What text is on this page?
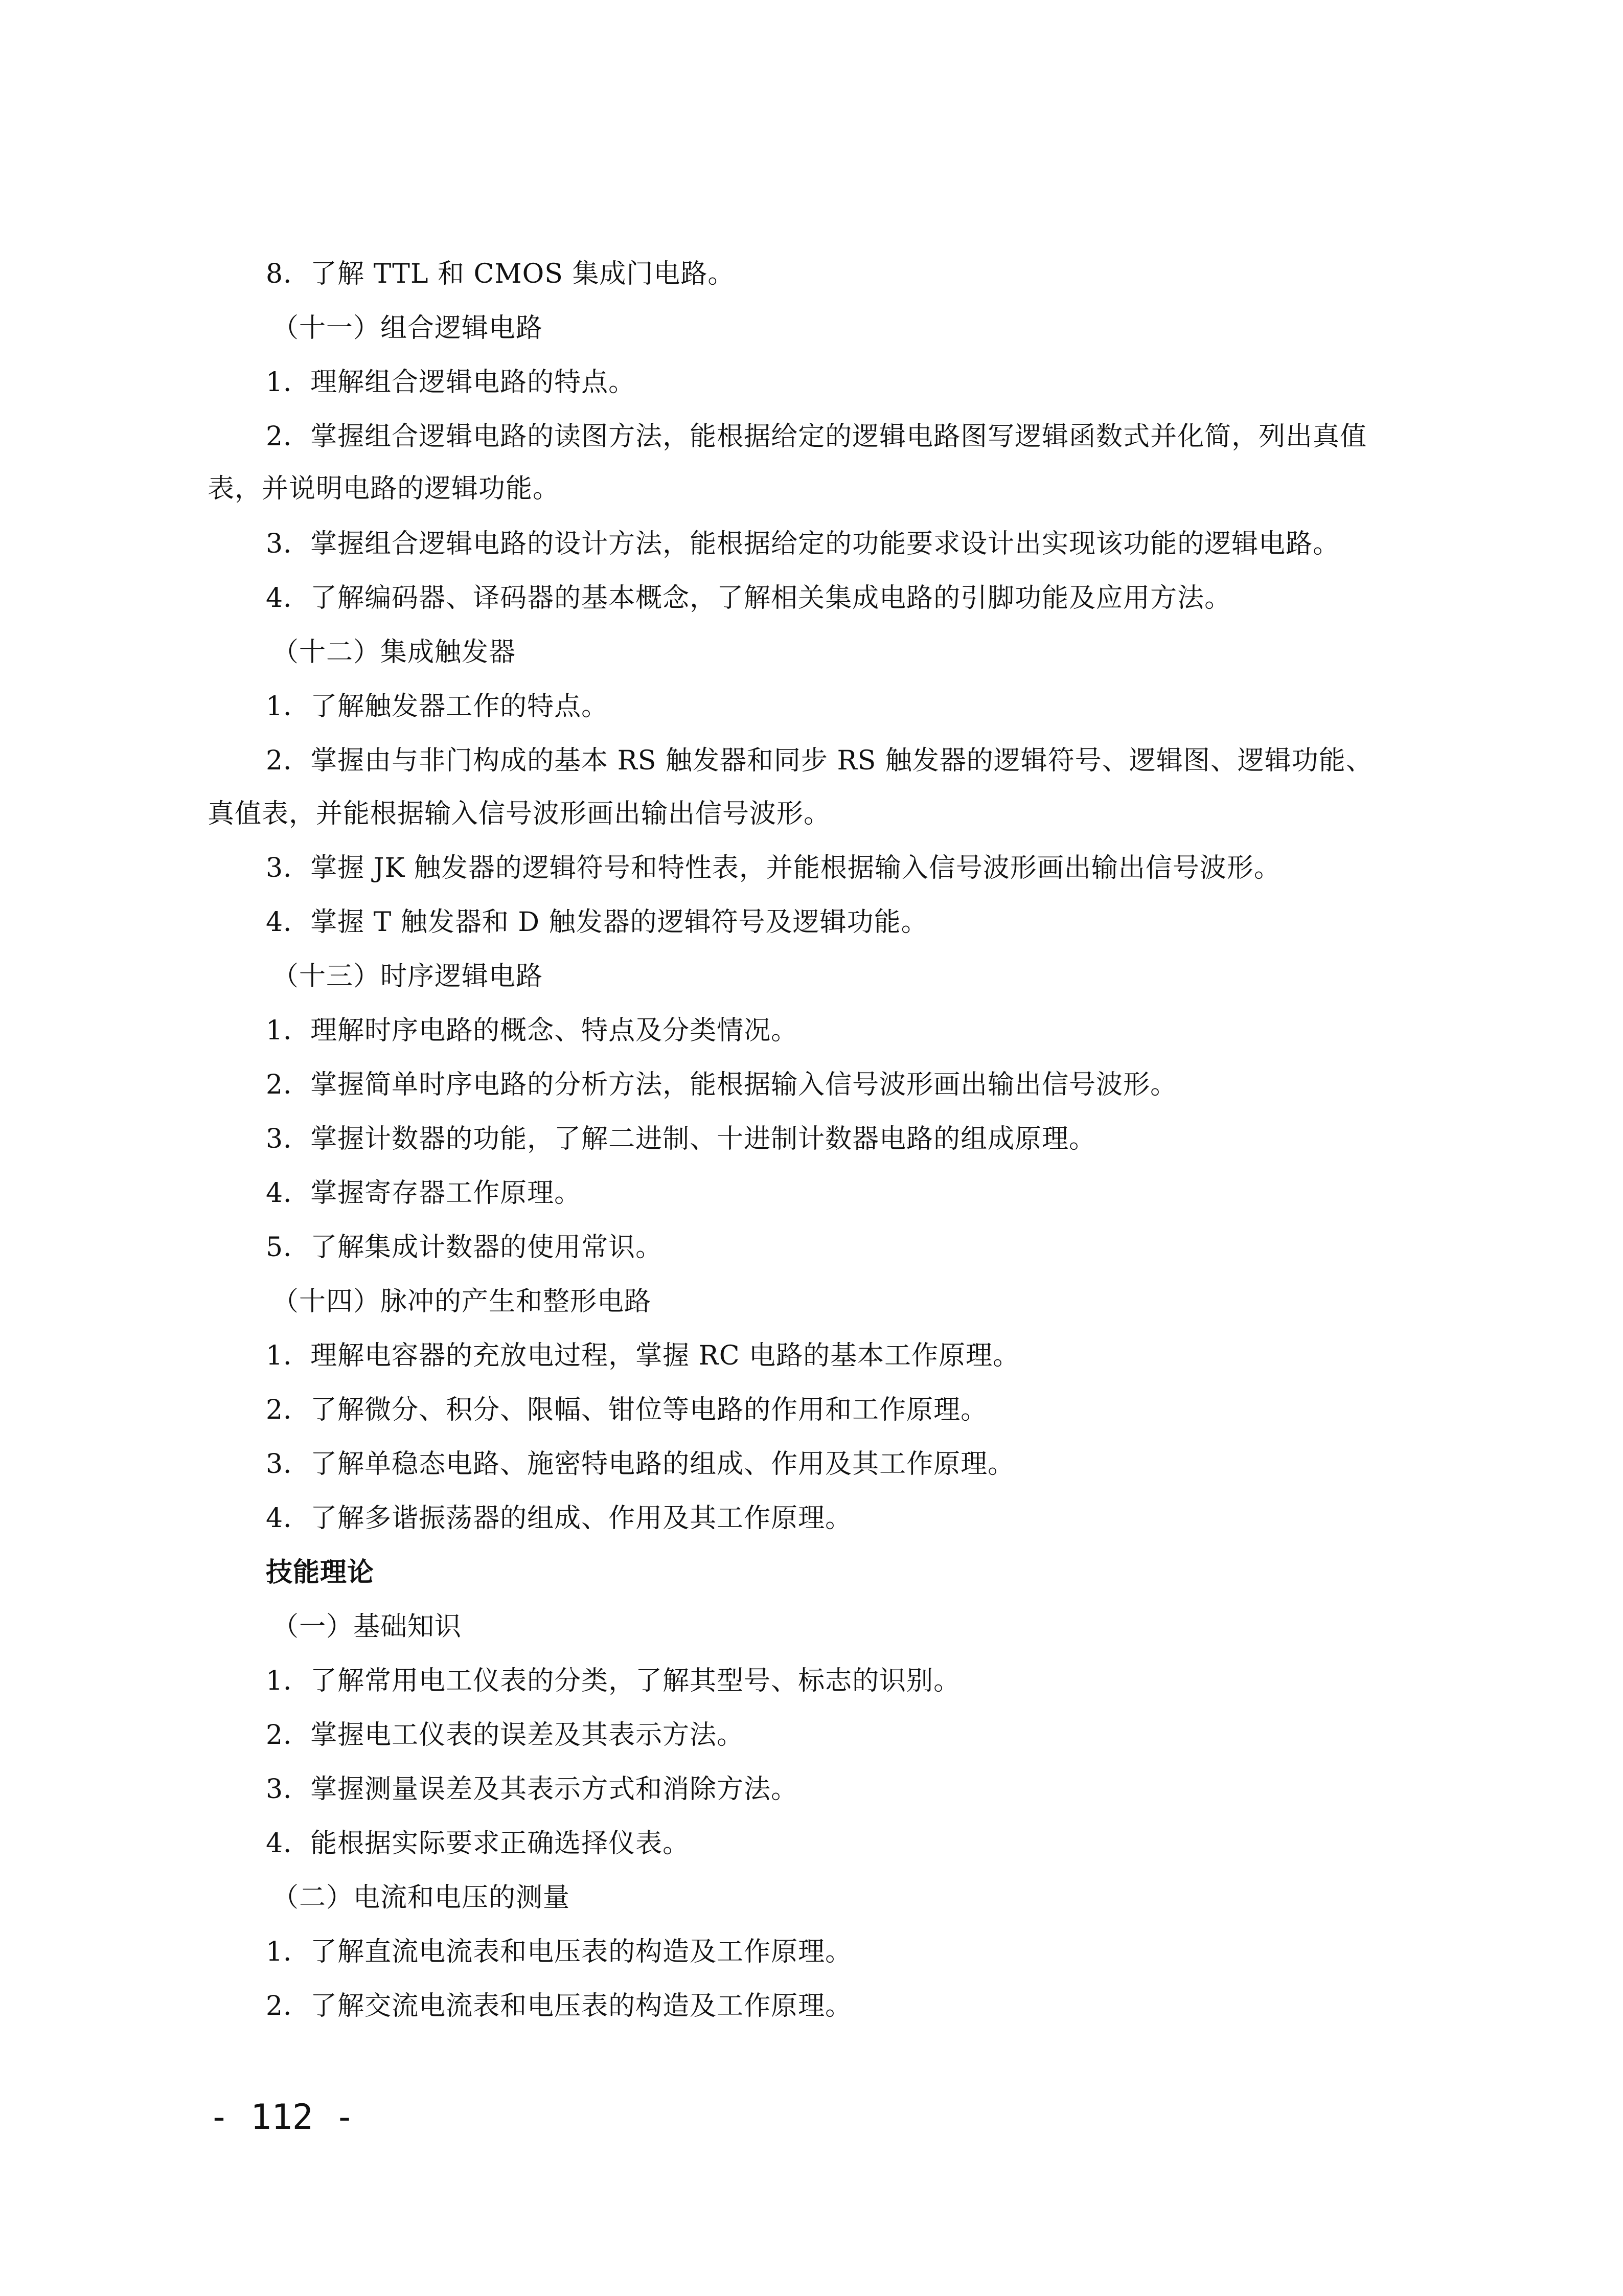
8．了解 TTL 和 CMOS 集成门电路。
（十一）组合逻辑电路
1．理解组合逻辑电路的特点。
2．掌握组合逻辑电路的读图方法，能根据给定的逻辑电路图写逻辑函数式并化简，列出真值
表，并说明电路的逻辑功能。
3．掌握组合逻辑电路的设计方法，能根据给定的功能要求设计出实现该功能的逻辑电路。
4．了解编码器、译码器的基本概念，了解相关集成电路的引脚功能及应用方法。
（十二）集成触发器
1．了解触发器工作的特点。
2．掌握由与非门构成的基本 RS 触发器和同步 RS 触发器的逻辑符号、逻辑图、逻辑功能、
真值表，并能根据输入信号波形画出输出信号波形。
3．掌握 JK 触发器的逻辑符号和特性表，并能根据输入信号波形画出输出信号波形。
4．掌握 T 触发器和 D 触发器的逻辑符号及逻辑功能。
（十三）时序逻辑电路
1．理解时序电路的概念、特点及分类情况。
2．掌握简单时序电路的分析方法，能根据输入信号波形画出输出信号波形。
3．掌握计数器的功能，了解二进制、十进制计数器电路的组成原理。
4．掌握寄存器工作原理。
5．了解集成计数器的使用常识。
（十四）脉冲的产生和整形电路
1．理解电容器的充放电过程，掌握 RC 电路的基本工作原理。
2．了解微分、积分、限幅、钳位等电路的作用和工作原理。
3．了解单稳态电路、施密特电路的组成、作用及其工作原理。
4．了解多谐振荡器的组成、作用及其工作原理。
技能理论
（一）基础知识
1．了解常用电工仪表的分类，了解其型号、标志的识别。
2．掌握电工仪表的误差及其表示方法。
3．掌握测量误差及其表示方式和消除方法。
4．能根据实际要求正确选择仪表。
（二）电流和电压的测量
1．了解直流电流表和电压表的构造及工作原理。
2．了解交流电流表和电压表的构造及工作原理。
- 112 -
